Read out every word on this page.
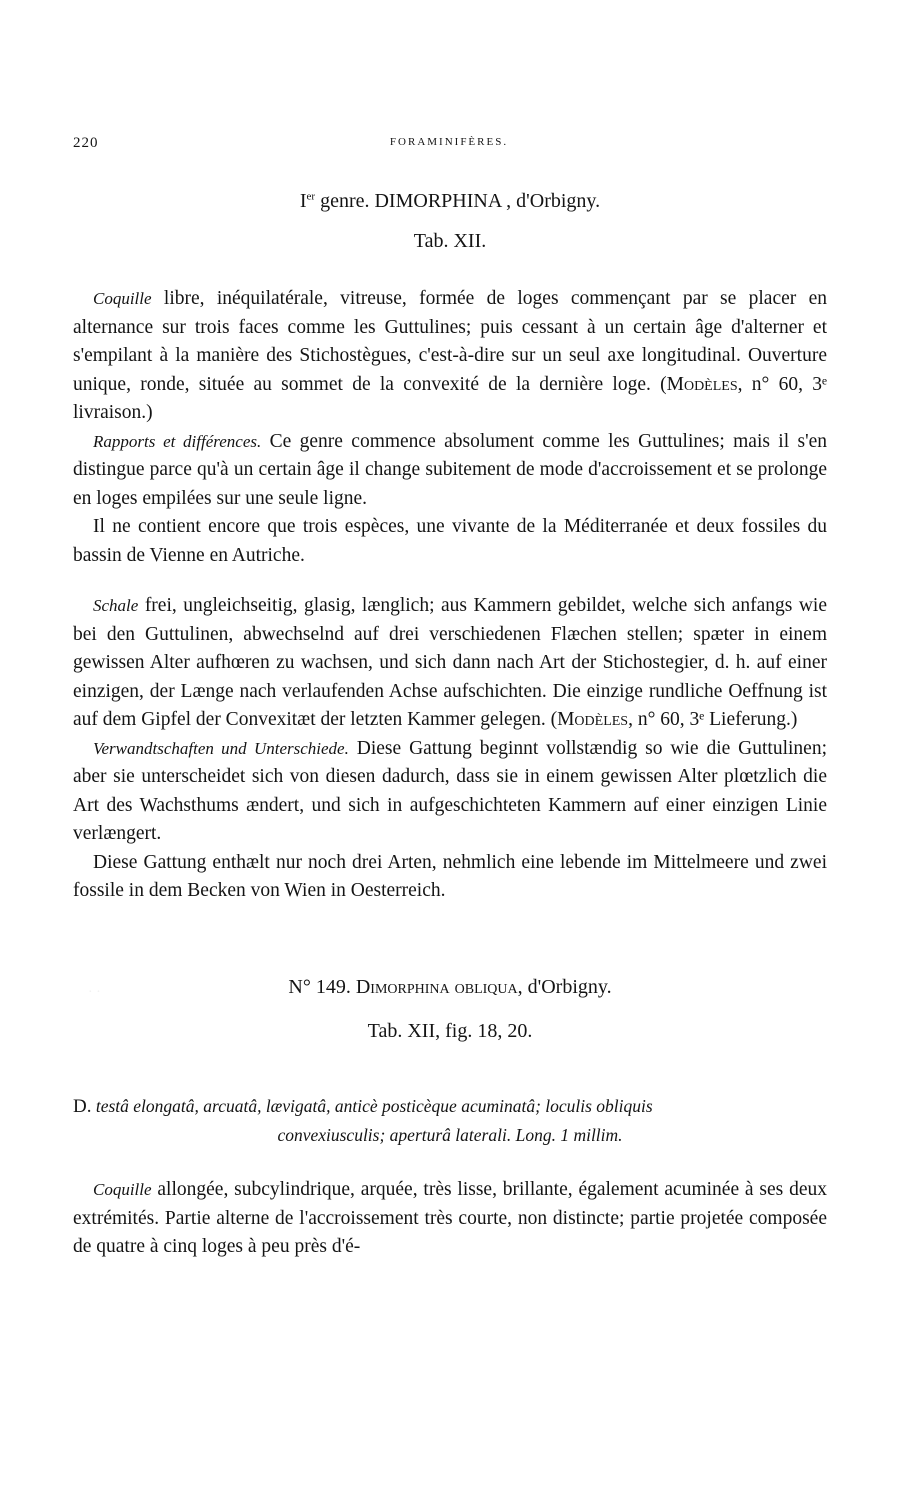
220	FORAMINIFÈRES.
Ier genre. DIMORPHINA , d'Orbigny.
Tab. XII.

Coquille libre, inéquilatérale, vitreuse, formée de loges commençant par se placer en alternance sur trois faces comme les Guttulines; puis cessant à un certain âge d'alterner et s'empilant à la manière des Stichostègues, c'est-à-dire sur un seul axe longitudinal. Ouverture unique, ronde, située au sommet de la convexité de la dernière loge. (Modèles, n° 60, 3ᵉ livraison.)

Rapports et différences. Ce genre commence absolument comme les Guttulines; mais il s'en distingue parce qu'à un certain âge il change subitement de mode d'accroissement et se prolonge en loges empilées sur une seule ligne.

Il ne contient encore que trois espèces, une vivante de la Méditerranée et deux fossiles du bassin de Vienne en Autriche.

Schale frei, ungleichseitig, glasig, længlich; aus Kammern gebildet, welche sich anfangs wie bei den Guttulinen, abwechselnd auf drei verschiedenen Flæchen stellen; spæter in einem gewissen Alter aufhœren zu wachsen, und sich dann nach Art der Stichostegier, d. h. auf einer einzigen, der Længe nach verlaufenden Achse aufschichten. Die einzige rundliche Oeffnung ist auf dem Gipfel der Convexitæt der letzten Kammer gelegen. (Modèles, n° 60, 3ᵉ Lieferung.)

Verwandtschaften und Unterschiede. Diese Gattung beginnt vollstændig so wie die Guttulinen; aber sie unterscheidet sich von diesen dadurch, dass sie in einem gewissen Alter plœtzlich die Art des Wachsthums ændert, und sich in aufgeschichteten Kammern auf einer einzigen Linie verlængert.

Diese Gattung enthælt nur noch drei Arten, nehmlich eine lebende im Mittelmeere und zwei fossile in dem Becken von Wien in Oesterreich.

· ·	N° 149. Dimorphina obliqua, d'Orbigny.
Tab. XII, fig. 18, 20.
D. testâ elongatâ, arcuatâ, lævigatâ, anticè posticèque acuminatâ; loculis obliquis
convexiusculis; aperturâ laterali. Long. 1 millim.

Coquille allongée, subcylindrique, arquée, très lisse, brillante, également acuminée à ses deux extrémités. Partie alterne de l'accroissement très courte, non distincte; partie projetée composée de quatre à cinq loges à peu près d'é-
